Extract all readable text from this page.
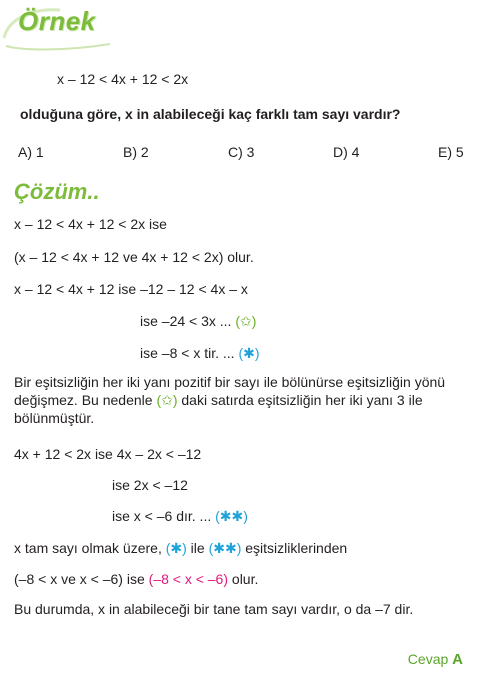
Örnek
x – 12 < 4x + 12 < 2x
olduğuna göre, x in alabileceği kaç farklı tam sayı vardır?
A) 1	B) 2	C) 3	D) 4	E) 5
Çözüm..
x – 12 < 4x + 12 < 2x ise
(x – 12 < 4x + 12 ve 4x + 12 < 2x) olur.
x – 12 < 4x + 12 ise –12 – 12 < 4x – x
ise –24 < 3x ... (✩)
ise –8 < x tir. ... (✱)
Bir eşitsizliğin her iki yanı pozitif bir sayı ile bölünürse eşitsizliğin yönü değişmez. Bu nedenle (✩) daki satırda eşitsizliğin her iki yanı 3 ile bölünmüştür.
4x + 12 < 2x ise 4x – 2x < –12
ise 2x < –12
ise x < –6 dır. ... (✱✱)
x tam sayı olmak üzere, (✱) ile (✱✱) eşitsizliklerinden
(–8 < x ve x < –6) ise (–8 < x < –6) olur.
Bu durumda, x in alabileceği bir tane tam sayı vardır, o da –7 dir.
Cevap A
